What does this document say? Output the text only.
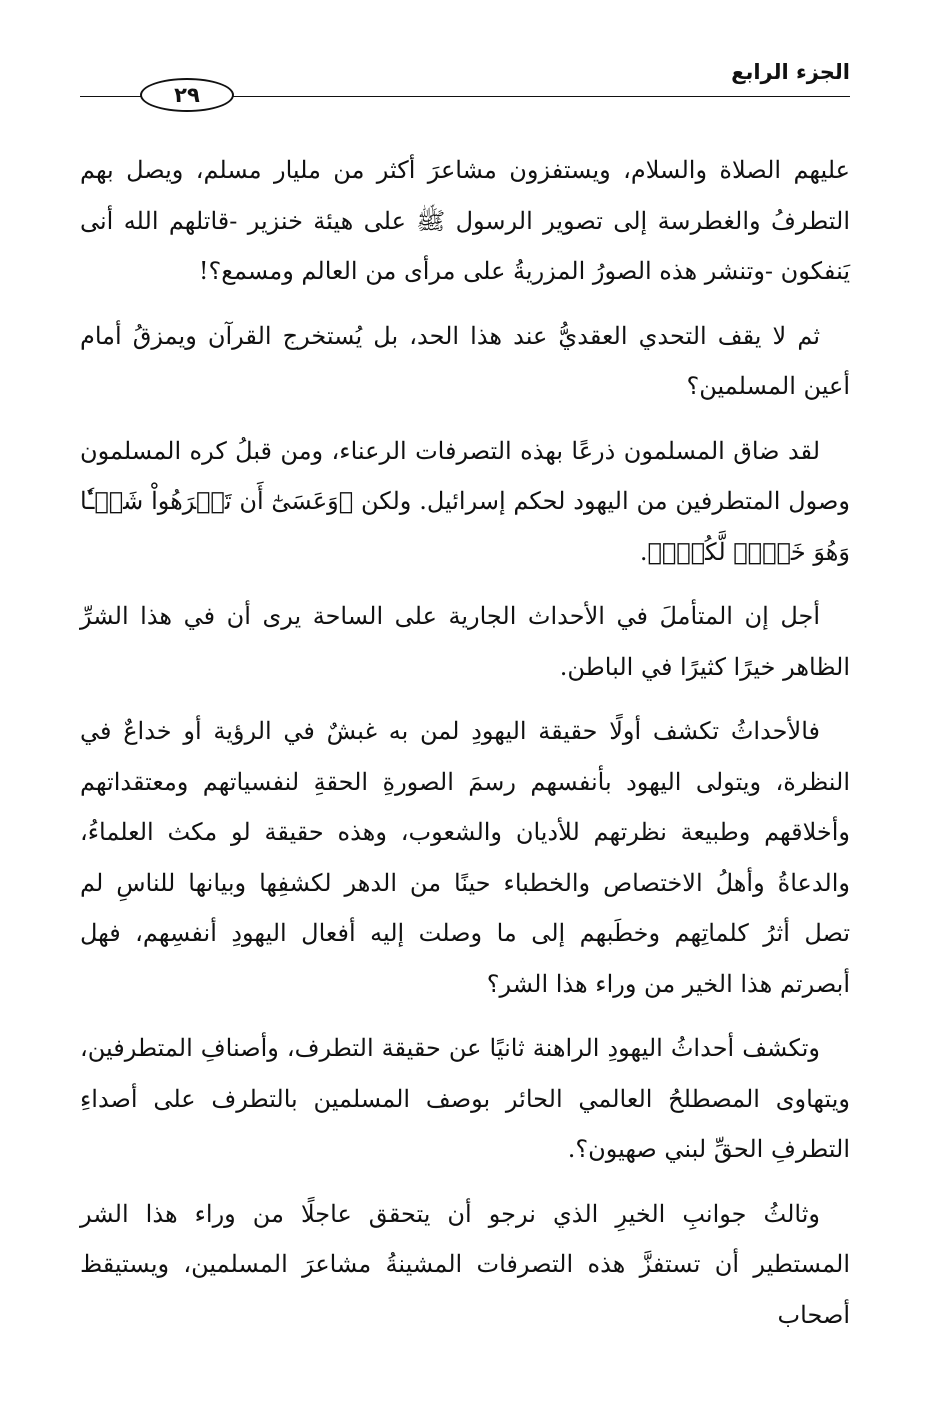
الجزء الرابع
٢٩

عليهم الصلاة والسلام، ويستفزون مشاعرَ أكثر من مليار مسلم، ويصل بهم التطرفُ والغطرسة إلى تصوير الرسول ﷺ على هيئة خنزير -قاتلهم الله أنى يَنفكون -وتنشر هذه الصورُ المزريةُ على مرأى من العالم ومسمع؟!

ثم لا يقف التحدي العقديُّ عند هذا الحد، بل يُستخرج القرآن ويمزقُ أمام أعين المسلمين؟

لقد ضاق المسلمون ذرعًا بهذه التصرفات الرعناء، ومن قبلُ كره المسلمون وصول المتطرفين من اليهود لحكم إسرائيل. ولكن ﴿وَعَسَىٰٓ أَن تَكۡرَهُواْ شَيۡـٔٗا وَهُوَ خَيۡرٞ لَّكُمۡۖ﴾.

أجل إن المتأملَ في الأحداث الجارية على الساحة يرى أن في هذا الشرِّ الظاهر خيرًا كثيرًا في الباطن.

فالأحداثُ تكشف أولًا حقيقة اليهودِ لمن به غبشٌ في الرؤية أو خداعٌ في النظرة، ويتولى اليهود بأنفسهم رسمَ الصورةِ الحقةِ لنفسياتهم ومعتقداتهم وأخلاقهم وطبيعة نظرتهم للأديان والشعوب، وهذه حقيقة لو مكث العلماءُ، والدعاةُ وأهلُ الاختصاص والخطباء حينًا من الدهر لكشفِها وبيانها للناسِ لم تصل أثرُ كلماتِهم وخطَبهم إلى ما وصلت إليه أفعال اليهودِ أنفسِهم، فهل أبصرتم هذا الخير من وراء هذا الشر؟

وتكشف أحداثُ اليهودِ الراهنة ثانيًا عن حقيقة التطرف، وأصنافِ المتطرفين، ويتهاوى المصطلحُ العالمي الحائر بوصف المسلمين بالتطرف على أصداءِ التطرفِ الحقِّ لبني صهيون؟.

وثالثُ جوانبِ الخيرِ الذي نرجو أن يتحقق عاجلًا من وراء هذا الشر المستطير أن تستفزَّ هذه التصرفات المشينةُ مشاعرَ المسلمين، ويستيقظ أصحاب
